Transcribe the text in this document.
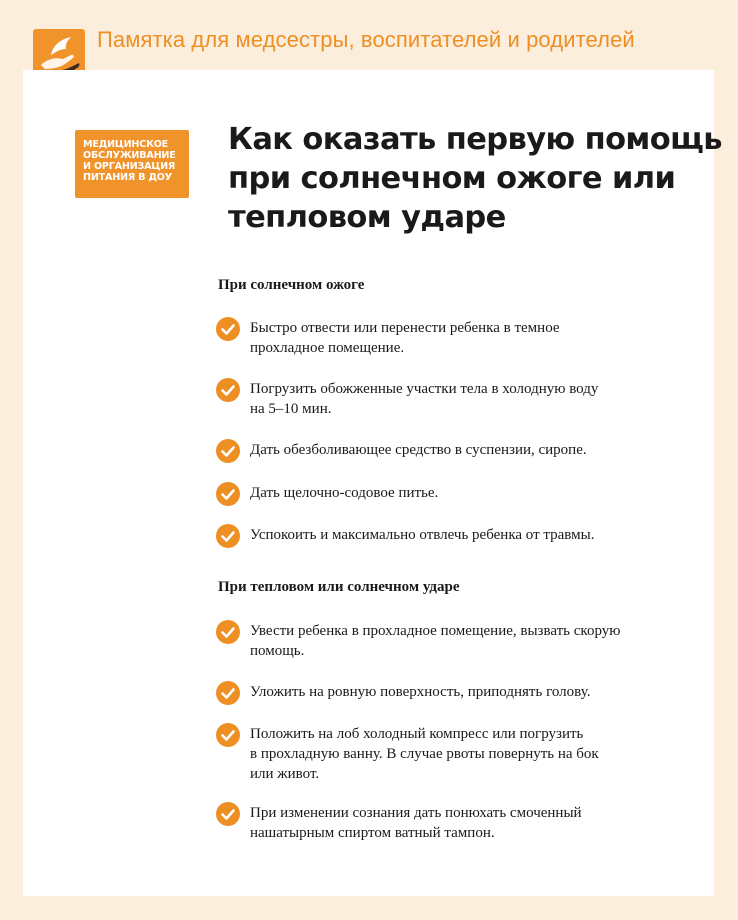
Памятка для медсестры, воспитателей и родителей
МЕДИЦИНСКОЕ
ОБСЛУЖИВАНИЕ
И ОРГАНИЗАЦИЯ
ПИТАНИЯ В ДОУ
Как оказать первую помощь
при солнечном ожоге или
тепловом ударе
При солнечном ожоге
Быстро отвести или перенести ребенка в темное
прохладное помещение.
Погрузить обожженные участки тела в холодную воду
на 5–10 мин.
Дать обезболивающее средство в суспензии, сиропе.
Дать щелочно-содовое питье.
Успокоить и максимально отвлечь ребенка от травмы.
При тепловом или солнечном ударе
Увести ребенка в прохладное помещение, вызвать скорую
помощь.
Уложить на ровную поверхность, приподнять голову.
Положить на лоб холодный компресс или погрузить
в прохладную ванну. В случае рвоты повернуть на бок
или живот.
При изменении сознания дать понюхать смоченный
нашатырным спиртом ватный тампон.
